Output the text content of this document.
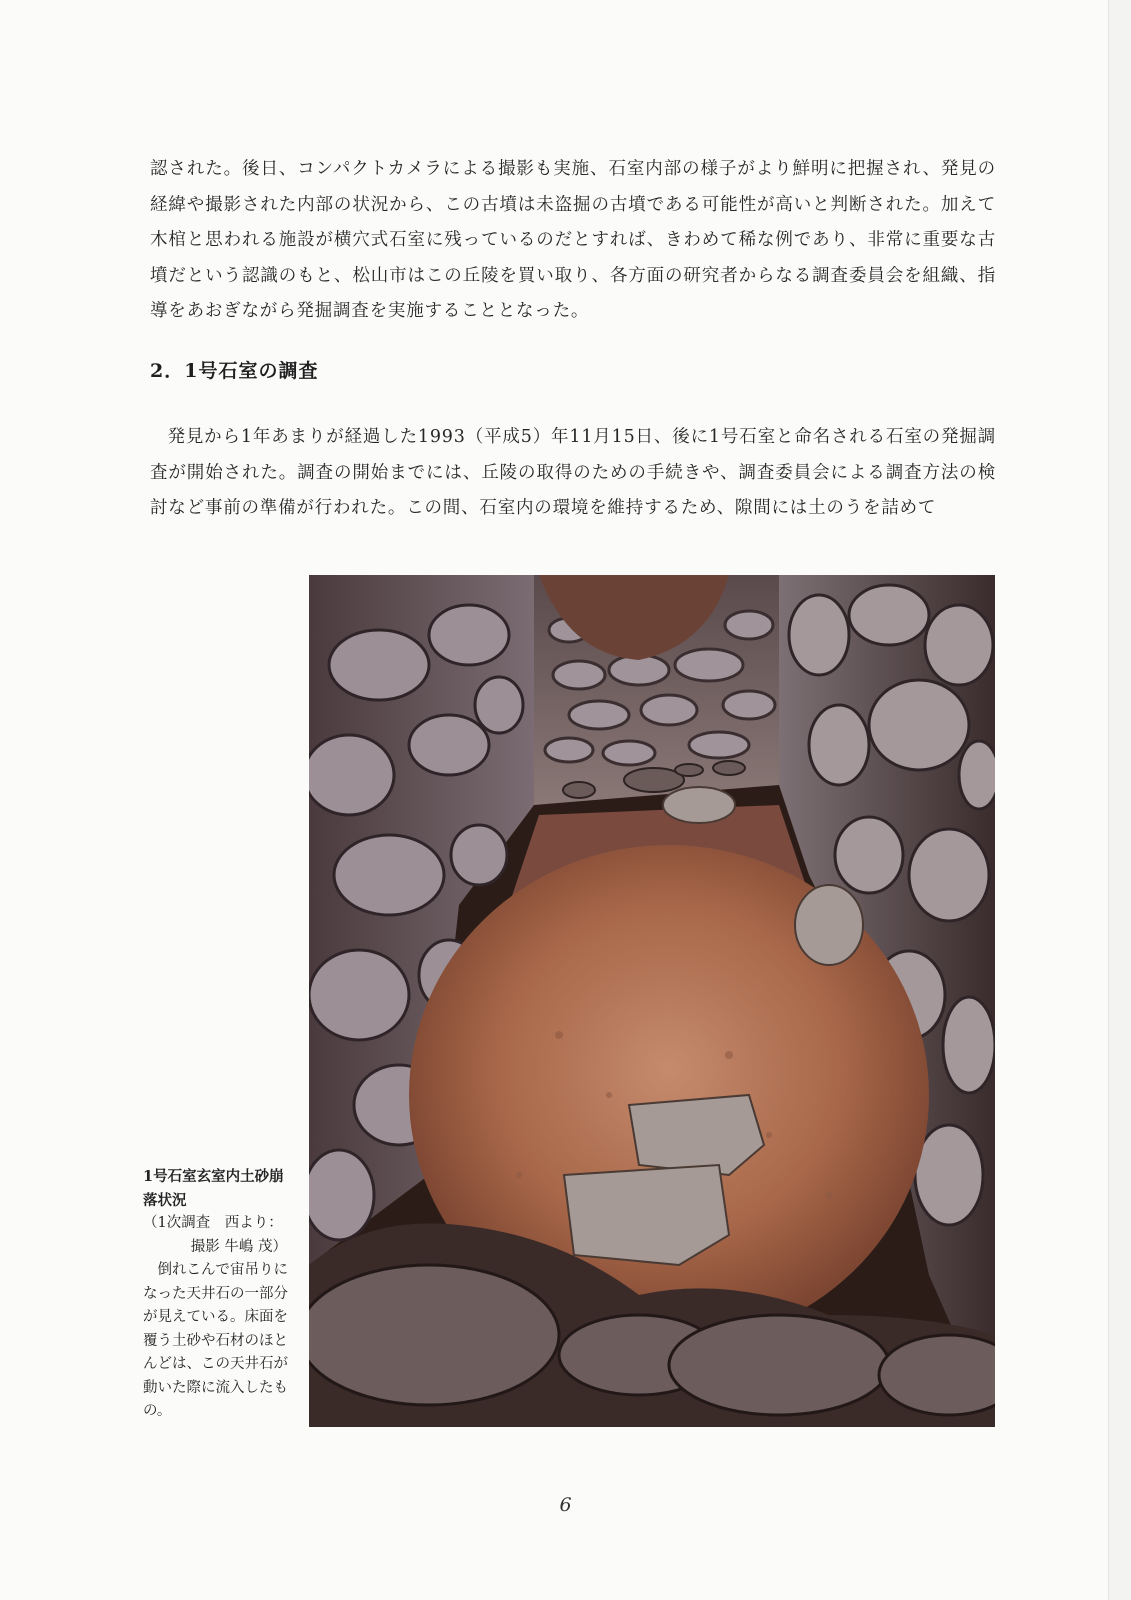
認された。後日、コンパクトカメラによる撮影も実施、石室内部の様子がより鮮明に把握され、発見の経緯や撮影された内部の状況から、この古墳は未盗掘の古墳である可能性が高いと判断された。加えて木棺と思われる施設が横穴式石室に残っているのだとすれば、きわめて稀な例であり、非常に重要な古墳だという認識のもと、松山市はこの丘陵を買い取り、各方面の研究者からなる調査委員会を組織、指導をあおぎながら発掘調査を実施することとなった。
2．1号石室の調査
発見から1年あまりが経過した1993（平成5）年11月15日、後に1号石室と命名される石室の発掘調査が開始された。調査の開始までには、丘陵の取得のための手続きや、調査委員会による調査方法の検討など事前の準備が行われた。この間、石室内の環境を維持するため、隙間には土のうを詰めて
1号石室玄室内土砂崩落状況
（1次調査　西より：
撮影 牛嶋 茂）
倒れこんで宙吊りになった天井石の一部分が見えている。床面を覆う土砂や石材のほとんどは、この天井石が動いた際に流入したもの。
6
